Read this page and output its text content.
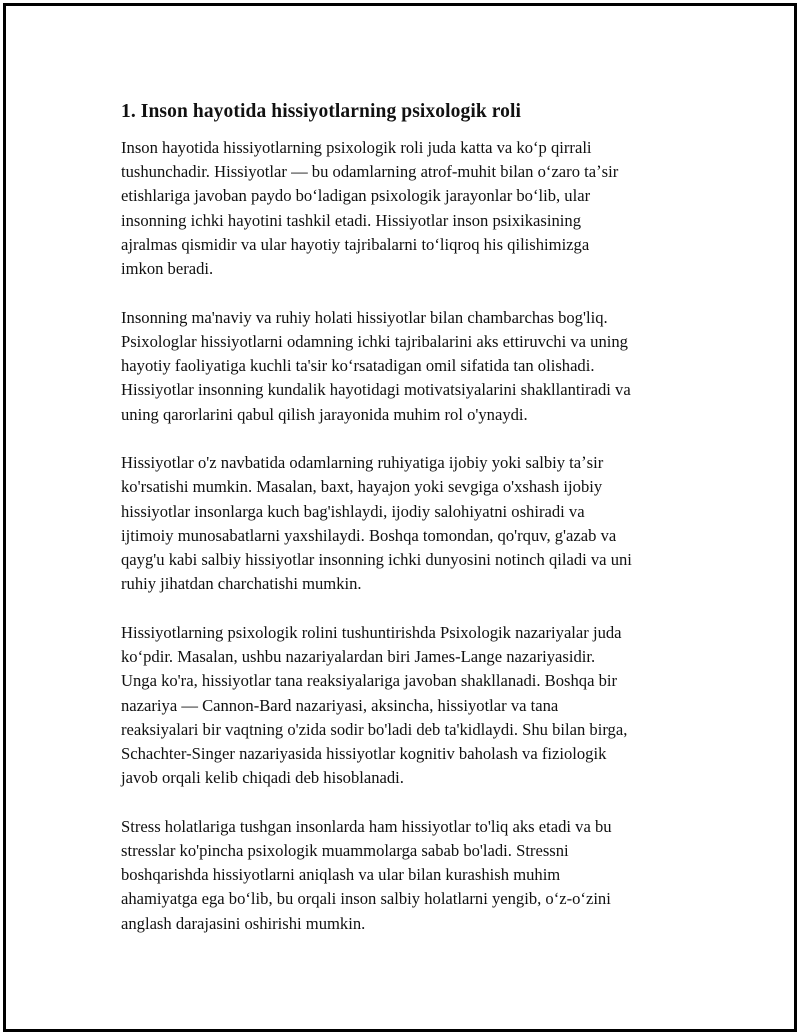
1. Inson hayotida hissiyotlarning psixologik roli

Inson hayotida hissiyotlarning psixologik roli juda katta va koʻp qirrali
tushunchadir. Hissiyotlar — bu odamlarning atrof-muhit bilan oʻzaro taʼsir
etishlariga javoban paydo boʻladigan psixologik jarayonlar boʻlib, ular
insonning ichki hayotini tashkil etadi. Hissiyotlar inson psixikasining
ajralmas qismidir va ular hayotiy tajribalarni toʻliqroq his qilishimizga
imkon beradi.

Insonning ma'naviy va ruhiy holati hissiyotlar bilan chambarchas bog'liq.
Psixologlar hissiyotlarni odamning ichki tajribalarini aks ettiruvchi va uning
hayotiy faoliyatiga kuchli ta'sir koʻrsatadigan omil sifatida tan olishadi.
Hissiyotlar insonning kundalik hayotidagi motivatsiyalarini shakllantiradi va
uning qarorlarini qabul qilish jarayonida muhim rol o'ynaydi.

Hissiyotlar o'z navbatida odamlarning ruhiyatiga ijobiy yoki salbiy taʼsir
ko'rsatishi mumkin. Masalan, baxt, hayajon yoki sevgiga o'xshash ijobiy
hissiyotlar insonlarga kuch bag'ishlaydi, ijodiy salohiyatni oshiradi va
ijtimoiy munosabatlarni yaxshilaydi. Boshqa tomondan, qo'rquv, g'azab va
qayg'u kabi salbiy hissiyotlar insonning ichki dunyosini notinch qiladi va uni
ruhiy jihatdan charchatishi mumkin.

Hissiyotlarning psixologik rolini tushuntirishda Psixologik nazariyalar juda
koʻpdir. Masalan, ushbu nazariyalardan biri James-Lange nazariyasidir.
Unga ko'ra, hissiyotlar tana reaksiyalariga javoban shakllanadi. Boshqa bir
nazariya — Cannon-Bard nazariyasi, aksincha, hissiyotlar va tana
reaksiyalari bir vaqtning o'zida sodir bo'ladi deb ta'kidlaydi. Shu bilan birga,
Schachter-Singer nazariyasida hissiyotlar kognitiv baholash va fiziologik
javob orqali kelib chiqadi deb hisoblanadi.

Stress holatlariga tushgan insonlarda ham hissiyotlar to'liq aks etadi va bu
stresslar ko'pincha psixologik muammolarga sabab bo'ladi. Stressni
boshqarishda hissiyotlarni aniqlash va ular bilan kurashish muhim
ahamiyatga ega boʻlib, bu orqali inson salbiy holatlarni yengib, oʻz-oʻzini
anglash darajasini oshirishi mumkin.
